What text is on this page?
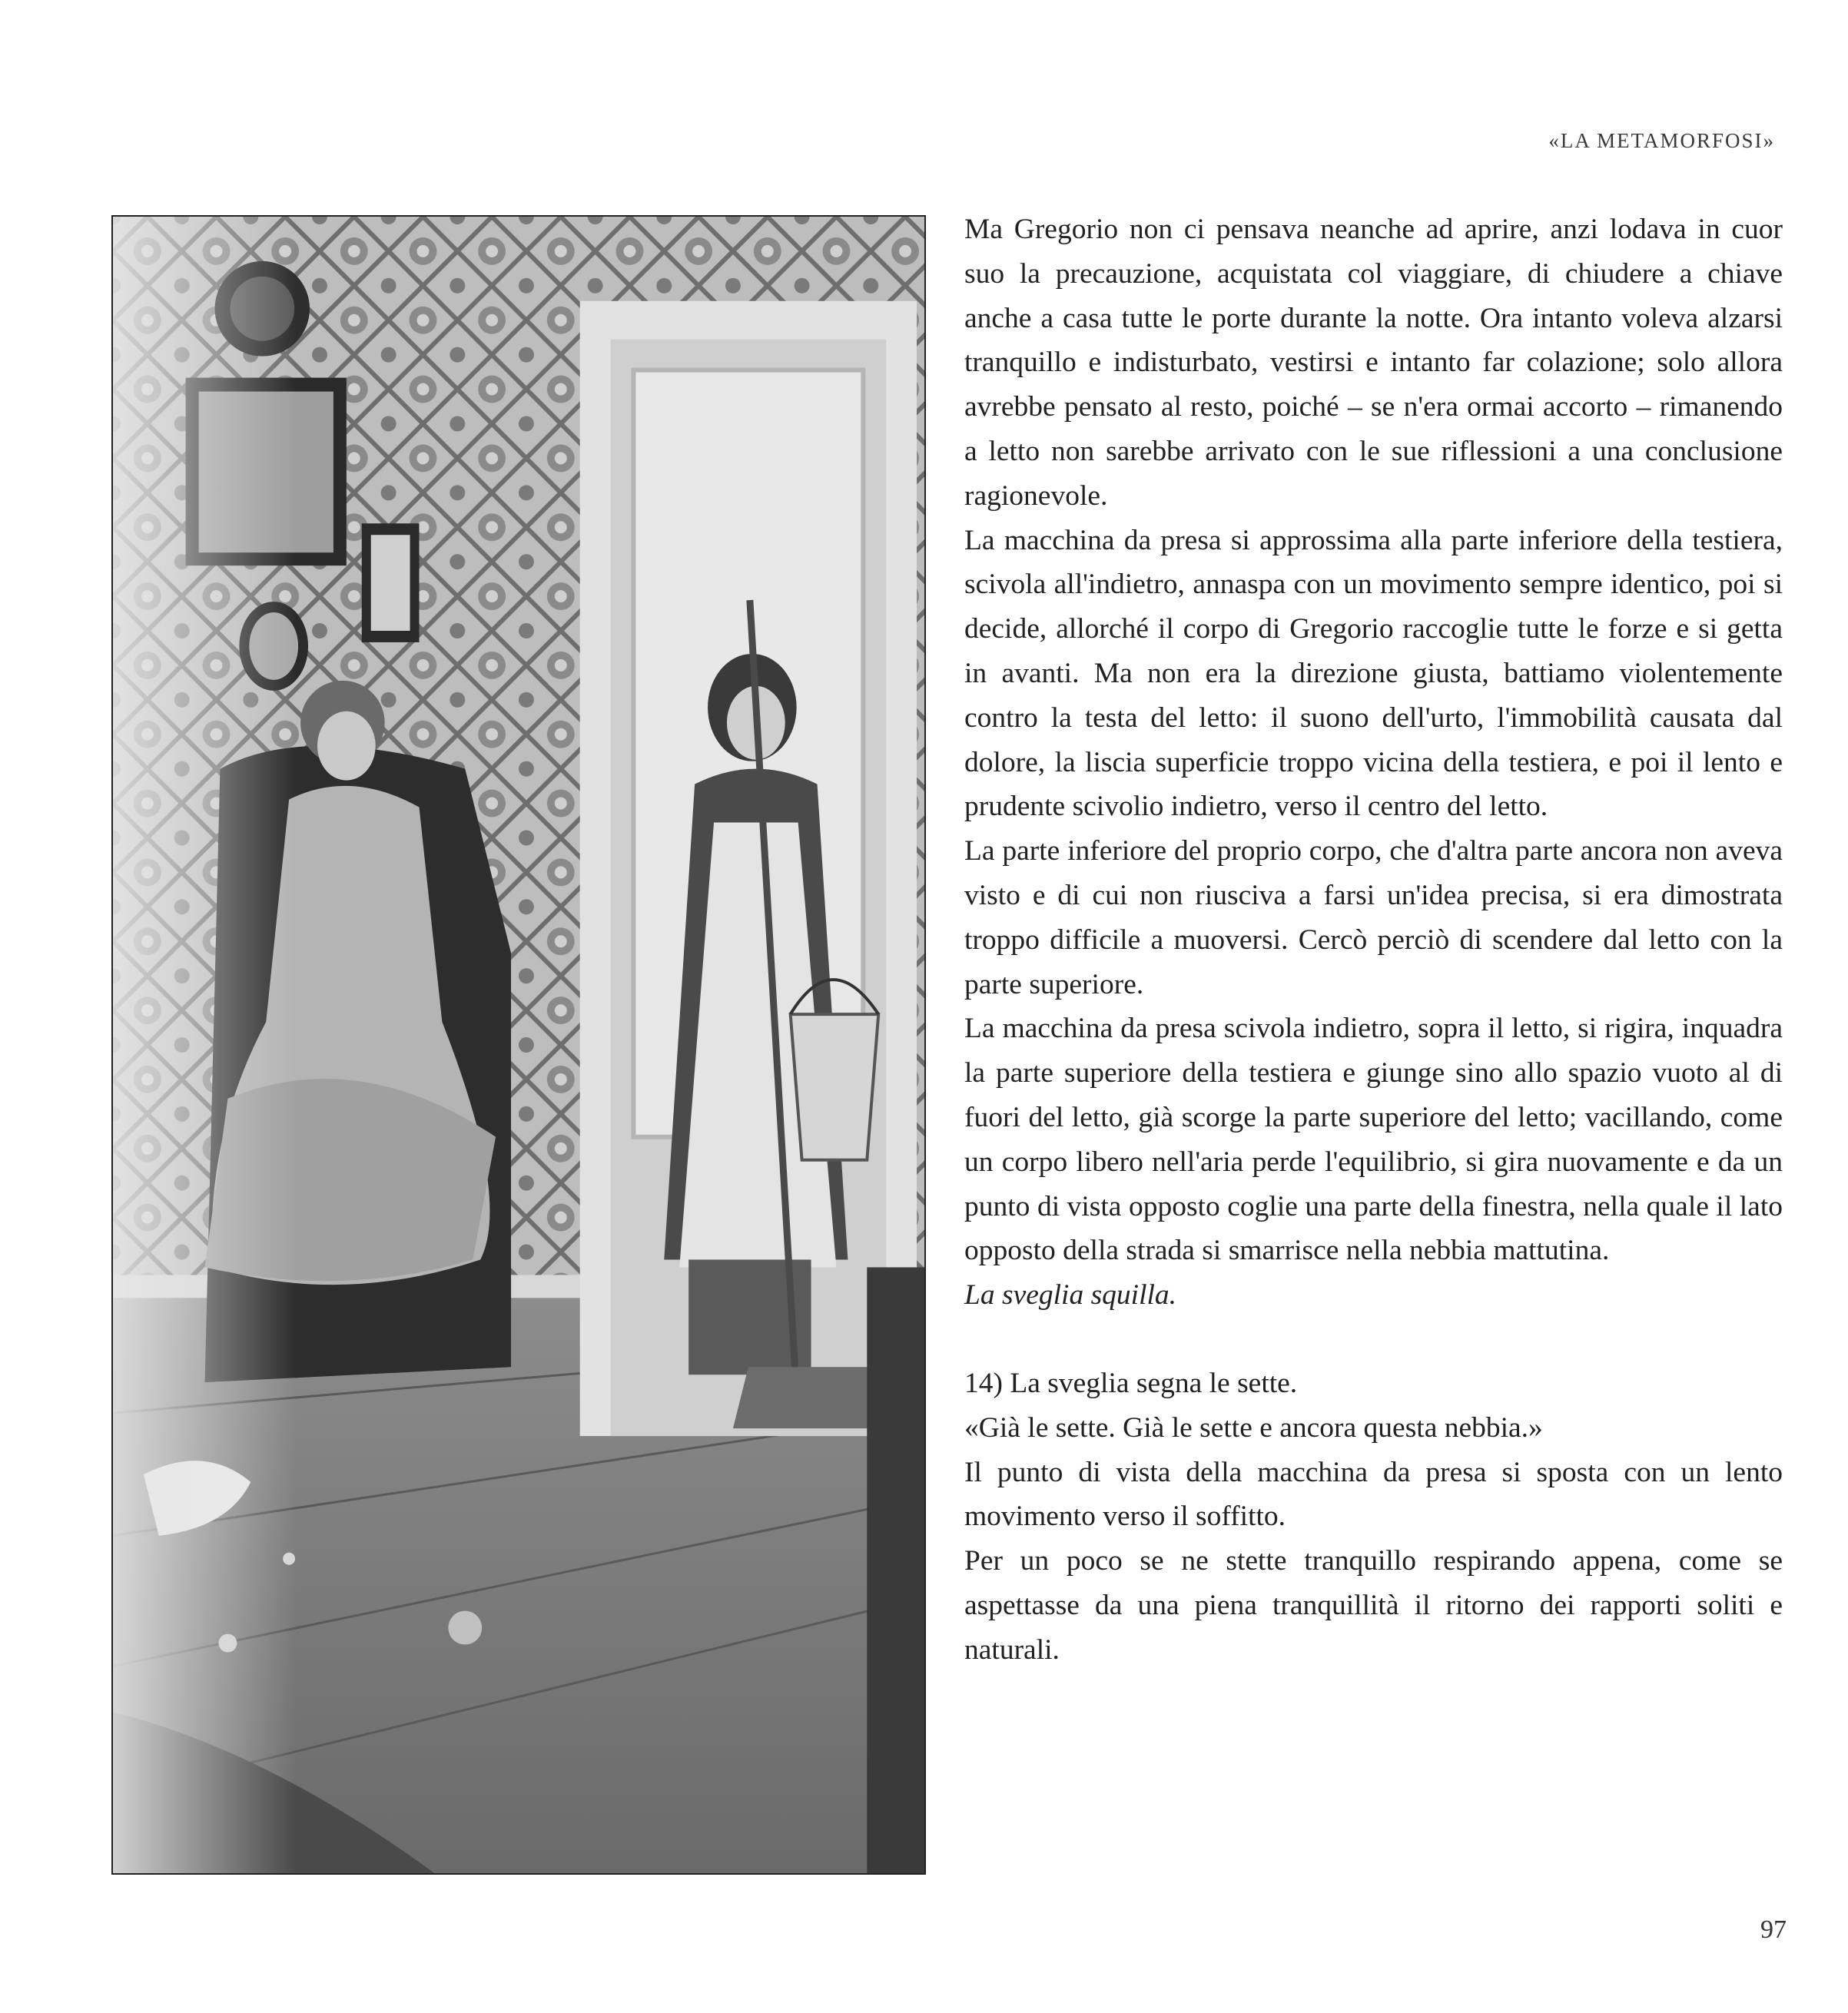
«LA METAMORFOSI»

Ma Gregorio non ci pensava neanche ad aprire, anzi lodava in cuor suo la precauzione, acquistata col viaggiare, di chiudere a chiave anche a casa tutte le porte durante la notte. Ora intanto voleva alzarsi tranquillo e indisturbato, vestirsi e intanto far colazione; solo allora avrebbe pensato al resto, poiché – se n'era ormai accorto – rimanendo a letto non sarebbe arrivato con le sue riflessioni a una conclusione ragionevole.

La macchina da presa si approssima alla parte inferiore della testiera, scivola all'indietro, annaspa con un movimento sempre identico, poi si decide, allorché il corpo di Gregorio raccoglie tutte le forze e si getta in avanti. Ma non era la direzione giusta, battiamo violentemente contro la testa del letto: il suono dell'urto, l'immobilità causata dal dolore, la liscia superficie troppo vicina della testiera, e poi il lento e prudente scivolio indietro, verso il centro del letto.

La parte inferiore del proprio corpo, che d'altra parte ancora non aveva visto e di cui non riusciva a farsi un'idea precisa, si era dimostrata troppo difficile a muoversi. Cercò perciò di scendere dal letto con la parte superiore.

La macchina da presa scivola indietro, sopra il letto, si rigira, inquadra la parte superiore della testiera e giunge sino allo spazio vuoto al di fuori del letto, già scorge la parte superiore del letto; vacillando, come un corpo libero nell'aria perde l'equilibrio, si gira nuovamente e da un punto di vista opposto coglie una parte della finestra, nella quale il lato opposto della strada si smarrisce nella nebbia mattutina.

La sveglia squilla.

14) La sveglia segna le sette.

«Già le sette. Già le sette e ancora questa nebbia.»

Il punto di vista della macchina da presa si sposta con un lento movimento verso il soffitto.

Per un poco se ne stette tranquillo respirando appena, come se aspettasse da una piena tranquillità il ritorno dei rapporti soliti e naturali.

97
